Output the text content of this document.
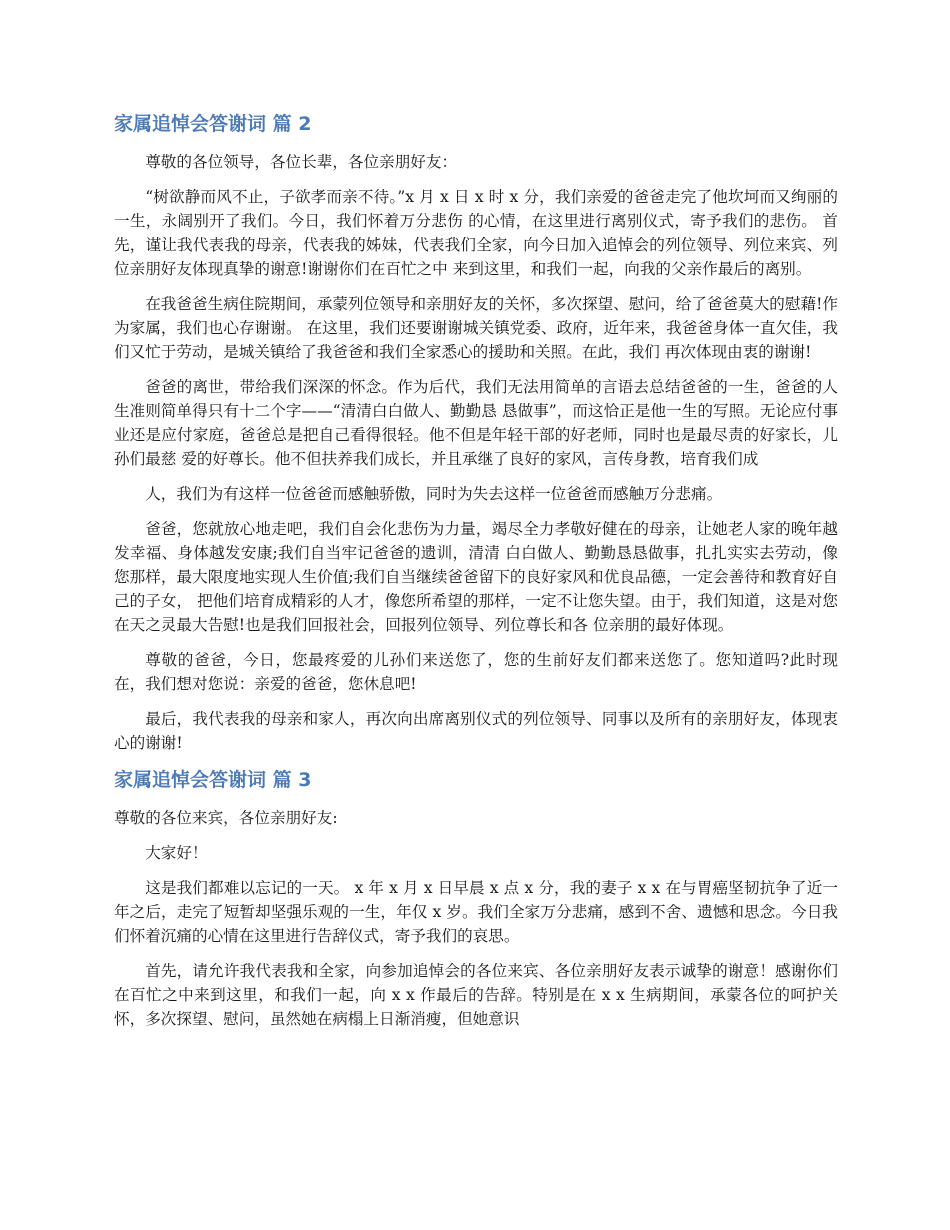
家属追悼会答谢词 篇 2

尊敬的各位领导，各位长辈，各位亲朋好友：

“树欲静而风不止，子欲孝而亲不待。”x 月 x 日 x 时 x 分，我们亲爱的爸爸走完了他坎坷而又绚丽的一生，永阔别开了我们。今日，我们怀着万分悲伤 的心情，在这里进行离别仪式，寄予我们的悲伤。 首先，谨让我代表我的母亲，代表我的姊妹，代表我们全家，向今日加入追悼会的列位领导、列位来宾、列位亲朋好友体现真挚的谢意!谢谢你们在百忙之中 来到这里，和我们一起，向我的父亲作最后的离别。

在我爸爸生病住院期间，承蒙列位领导和亲朋好友的关怀，多次探望、慰问，给了爸爸莫大的慰藉!作为家属，我们也心存谢谢。 在这里，我们还要谢谢城关镇党委、政府，近年来，我爸爸身体一直欠佳，我们又忙于劳动，是城关镇给了我爸爸和我们全家悉心的援助和关照。在此，我们 再次体现由衷的谢谢!

爸爸的离世，带给我们深深的怀念。作为后代，我们无法用简单的言语去总结爸爸的一生，爸爸的人生准则简单得只有十二个字——“清清白白做人、勤勤恳 恳做事”，而这恰正是他一生的写照。无论应付事业还是应付家庭，爸爸总是把自己看得很轻。他不但是年轻干部的好老师，同时也是最尽责的好家长，儿孙们最慈 爱的好尊长。他不但扶养我们成长，并且承继了良好的家风，言传身教，培育我们成

人，我们为有这样一位爸爸而感触骄傲，同时为失去这样一位爸爸而感触万分悲痛。

爸爸，您就放心地走吧，我们自会化悲伤为力量，竭尽全力孝敬好健在的母亲，让她老人家的晚年越发幸福、身体越发安康;我们自当牢记爸爸的遗训，清清 白白做人、勤勤恳恳做事，扎扎实实去劳动，像您那样，最大限度地实现人生价值;我们自当继续爸爸留下的良好家风和优良品德，一定会善待和教育好自己的子女， 把他们培育成精彩的人才，像您所希望的那样，一定不让您失望。由于，我们知道，这是对您在天之灵最大告慰!也是我们回报社会，回报列位领导、列位尊长和各 位亲朋的最好体现。

尊敬的爸爸，今日，您最疼爱的儿孙们来送您了，您的生前好友们都来送您了。您知道吗?此时现在，我们想对您说：亲爱的爸爸，您休息吧!

最后，我代表我的母亲和家人，再次向出席离别仪式的列位领导、同事以及所有的亲朋好友，体现衷心的谢谢!

家属追悼会答谢词 篇 3

尊敬的各位来宾，各位亲朋好友:

大家好！

这是我们都难以忘记的一天。 x 年 x 月 x 日早晨 x 点 x 分，我的妻子 x x 在与胃癌坚韧抗争了近一年之后，走完了短暂却坚强乐观的一生，年仅 x 岁。我们全家万分悲痛，感到不舍、遗憾和思念。今日我们怀着沉痛的心情在这里进行告辞仪式，寄予我们的哀思。

首先，请允许我代表我和全家，向参加追悼会的各位来宾、各位亲朋好友表示诚挚的谢意！感谢你们在百忙之中来到这里，和我们一起，向 x x 作最后的告辞。特别是在 x x 生病期间，承蒙各位的呵护关怀，多次探望、慰问，虽然她在病榻上日渐消瘦，但她意识
